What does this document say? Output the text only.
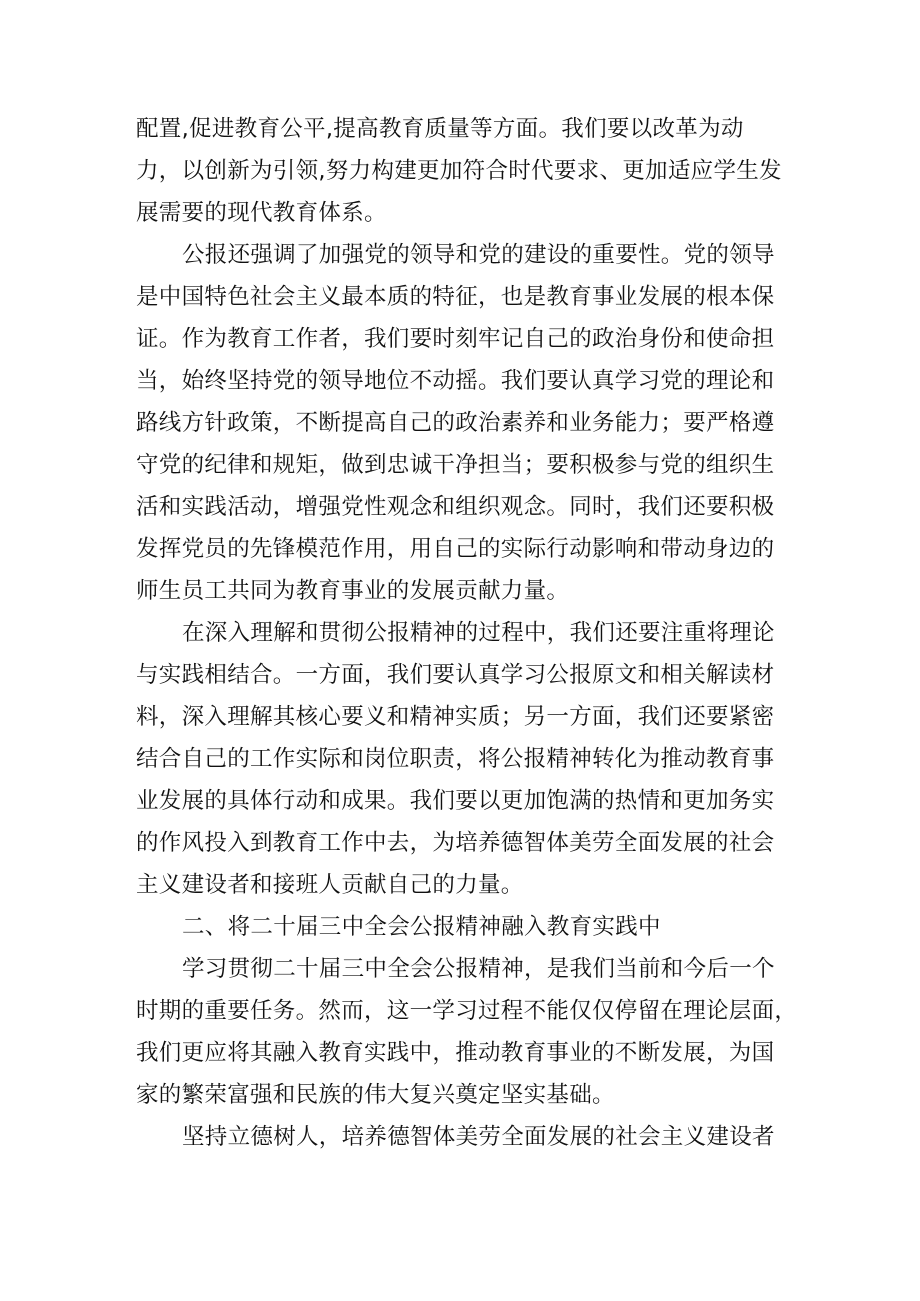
配置,促进教育公平,提高教育质量等方面。我们要以改革为动
力，以创新为引领,努力构建更加符合时代要求、更加适应学生发
展需要的现代教育体系。
公报还强调了加强党的领导和党的建设的重要性。党的领导
是中国特色社会主义最本质的特征，也是教育事业发展的根本保
证。作为教育工作者，我们要时刻牢记自己的政治身份和使命担
当，始终坚持党的领导地位不动摇。我们要认真学习党的理论和
路线方针政策，不断提高自己的政治素养和业务能力；要严格遵
守党的纪律和规矩，做到忠诚干净担当；要积极参与党的组织生
活和实践活动，增强党性观念和组织观念。同时，我们还要积极
发挥党员的先锋模范作用，用自己的实际行动影响和带动身边的
师生员工共同为教育事业的发展贡献力量。
在深入理解和贯彻公报精神的过程中，我们还要注重将理论
与实践相结合。一方面，我们要认真学习公报原文和相关解读材
料，深入理解其核心要义和精神实质；另一方面，我们还要紧密
结合自己的工作实际和岗位职责，将公报精神转化为推动教育事
业发展的具体行动和成果。我们要以更加饱满的热情和更加务实
的作风投入到教育工作中去，为培养德智体美劳全面发展的社会
主义建设者和接班人贡献自己的力量。
二、将二十届三中全会公报精神融入教育实践中
学习贯彻二十届三中全会公报精神，是我们当前和今后一个
时期的重要任务。然而，这一学习过程不能仅仅停留在理论层面，
我们更应将其融入教育实践中，推动教育事业的不断发展，为国
家的繁荣富强和民族的伟大复兴奠定坚实基础。
坚持立德树人，培养德智体美劳全面发展的社会主义建设者
